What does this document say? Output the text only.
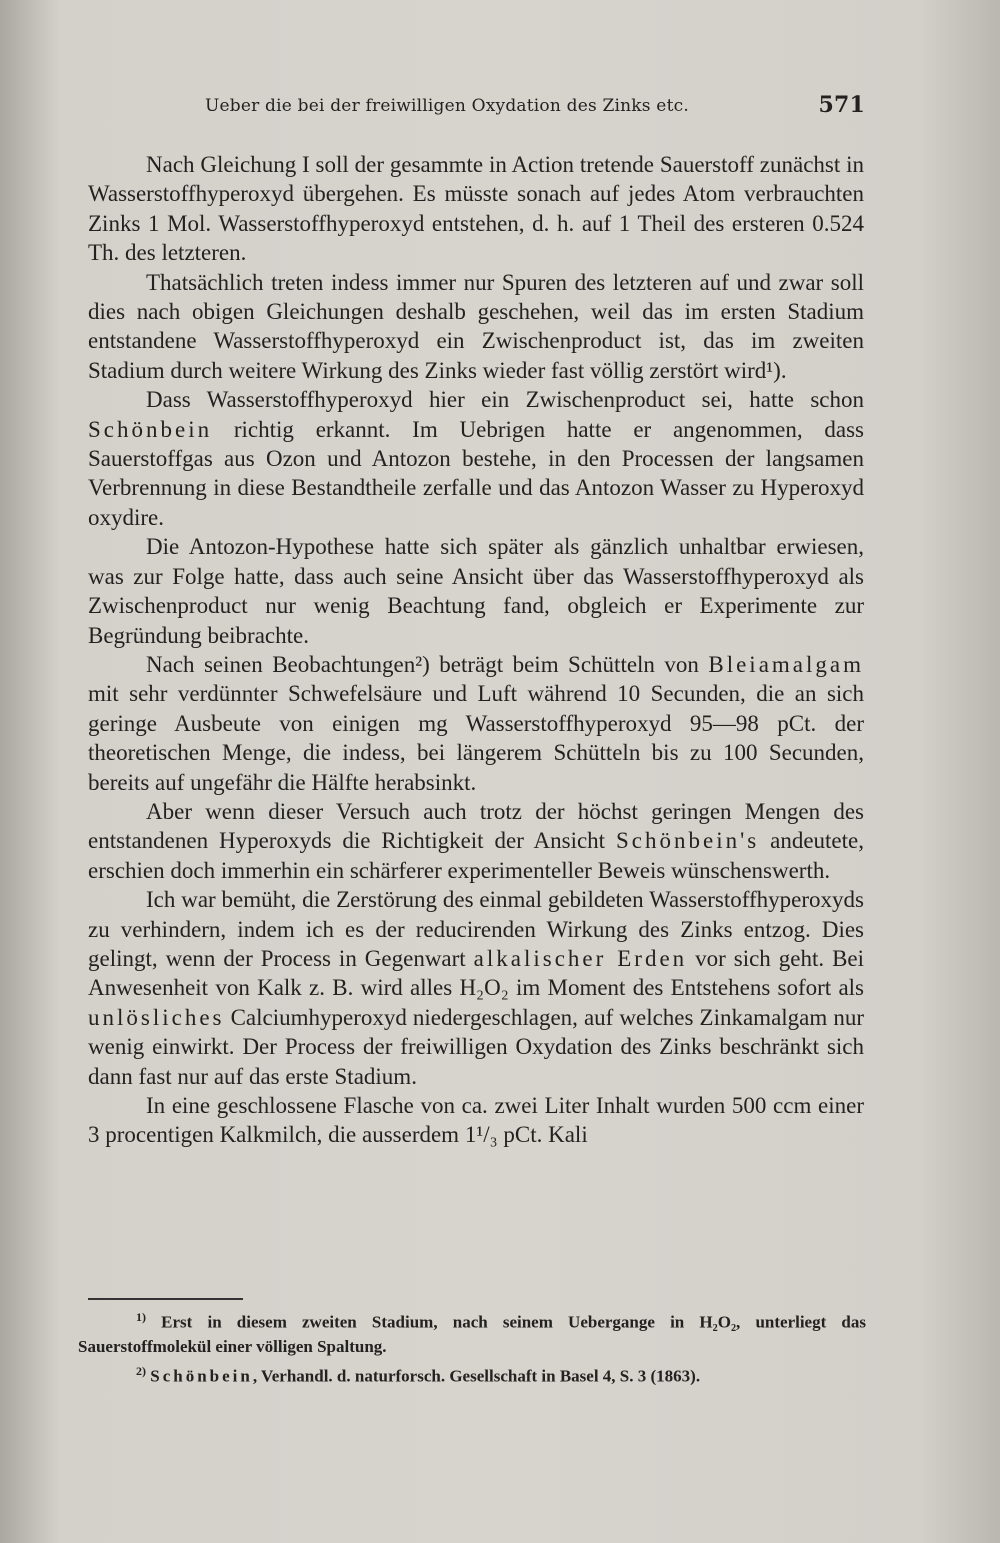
Ueber die bei der freiwilligen Oxydation des Zinks etc.	571

Nach Gleichung I soll der gesammte in Action tretende Sauerstoff zunächst in Wasserstoffhyperoxyd übergehen. Es müsste sonach auf jedes Atom verbrauchten Zinks 1 Mol. Wasserstoffhyperoxyd entstehen, d. h. auf 1 Theil des ersteren 0.524 Th. des letzteren.

Thatsächlich treten indess immer nur Spuren des letzteren auf und zwar soll dies nach obigen Gleichungen deshalb geschehen, weil das im ersten Stadium entstandene Wasserstoffhyperoxyd ein Zwischenproduct ist, das im zweiten Stadium durch weitere Wirkung des Zinks wieder fast völlig zerstört wird¹).

Dass Wasserstoffhyperoxyd hier ein Zwischenproduct sei, hatte schon Schönbein richtig erkannt. Im Uebrigen hatte er angenommen, dass Sauerstoffgas aus Ozon und Antozon bestehe, in den Processen der langsamen Verbrennung in diese Bestandtheile zerfalle und das Antozon Wasser zu Hyperoxyd oxydire.

Die Antozon-Hypothese hatte sich später als gänzlich unhaltbar erwiesen, was zur Folge hatte, dass auch seine Ansicht über das Wasserstoffhyperoxyd als Zwischenproduct nur wenig Beachtung fand, obgleich er Experimente zur Begründung beibrachte.

Nach seinen Beobachtungen²) beträgt beim Schütteln von Bleiamalgam mit sehr verdünnter Schwefelsäure und Luft während 10 Secunden, die an sich geringe Ausbeute von einigen mg Wasserstoffhyperoxyd 95—98 pCt. der theoretischen Menge, die indess, bei längerem Schütteln bis zu 100 Secunden, bereits auf ungefähr die Hälfte herabsinkt.

Aber wenn dieser Versuch auch trotz der höchst geringen Mengen des entstandenen Hyperoxyds die Richtigkeit der Ansicht Schönbein's andeutete, erschien doch immerhin ein schärferer experimenteller Beweis wünschenswerth.

Ich war bemüht, die Zerstörung des einmal gebildeten Wasserstoffhyperoxyds zu verhindern, indem ich es der reducirenden Wirkung des Zinks entzog. Dies gelingt, wenn der Process in Gegenwart alkalischer Erden vor sich geht. Bei Anwesenheit von Kalk z. B. wird alles H₂O₂ im Moment des Entstehens sofort als unlösliches Calciumhyperoxyd niedergeschlagen, auf welches Zinkamalgam nur wenig einwirkt. Der Process der freiwilligen Oxydation des Zinks beschränkt sich dann fast nur auf das erste Stadium.

In eine geschlossene Flasche von ca. zwei Liter Inhalt wurden 500 ccm einer 3 procentigen Kalkmilch, die ausserdem 1¹/₃ pCt. Kali

$^{1)}$ Erst in diesem zweiten Stadium, nach seinem Uebergange in H₂O₂, unterliegt das Sauerstoffmolekül einer völligen Spaltung.

$^{2)}$ Schönbein, Verhandl. d. naturforsch. Gesellschaft in Basel 4, S. 3 (1863).
